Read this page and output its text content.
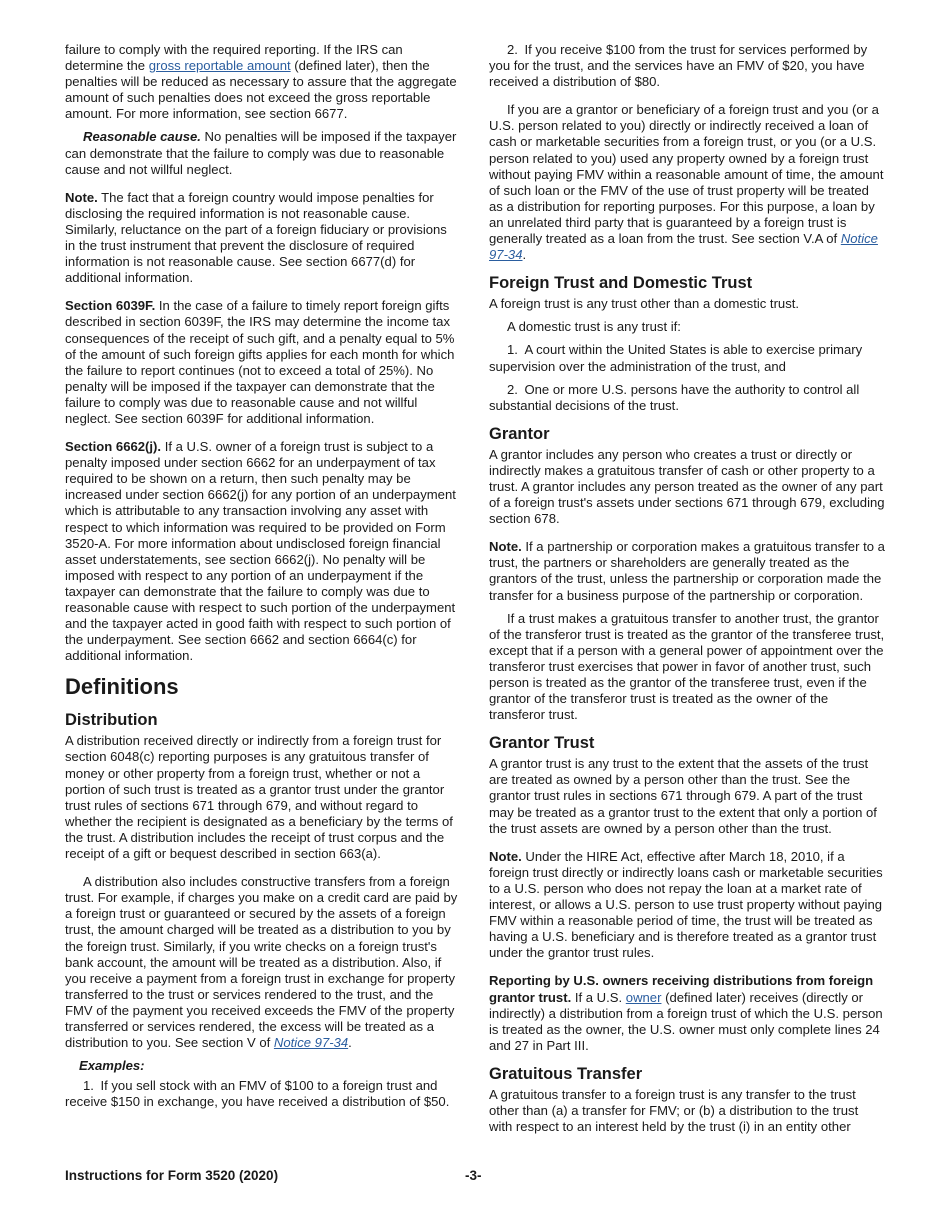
failure to comply with the required reporting. If the IRS can determine the gross reportable amount (defined later), then the penalties will be reduced as necessary to assure that the aggregate amount of such penalties does not exceed the gross reportable amount. For more information, see section 6677.

Reasonable cause. No penalties will be imposed if the taxpayer can demonstrate that the failure to comply was due to reasonable cause and not willful neglect.

Note. The fact that a foreign country would impose penalties for disclosing the required information is not reasonable cause. Similarly, reluctance on the part of a foreign fiduciary or provisions in the trust instrument that prevent the disclosure of required information is not reasonable cause. See section 6677(d) for additional information.

Section 6039F. In the case of a failure to timely report foreign gifts described in section 6039F, the IRS may determine the income tax consequences of the receipt of such gift, and a penalty equal to 5% of the amount of such foreign gifts applies for each month for which the failure to report continues (not to exceed a total of 25%). No penalty will be imposed if the taxpayer can demonstrate that the failure to comply was due to reasonable cause and not willful neglect. See section 6039F for additional information.

Section 6662(j). If a U.S. owner of a foreign trust is subject to a penalty imposed under section 6662 for an underpayment of tax required to be shown on a return, then such penalty may be increased under section 6662(j) for any portion of an underpayment which is attributable to any transaction involving any asset with respect to which information was required to be provided on Form 3520-A. For more information about undisclosed foreign financial asset understatements, see section 6662(j). No penalty will be imposed with respect to any portion of an underpayment if the taxpayer can demonstrate that the failure to comply was due to reasonable cause with respect to such portion of the underpayment and the taxpayer acted in good faith with respect to such portion of the underpayment. See section 6662 and section 6664(c) for additional information.

Definitions
Distribution

A distribution received directly or indirectly from a foreign trust for section 6048(c) reporting purposes is any gratuitous transfer of money or other property from a foreign trust, whether or not a portion of such trust is treated as a grantor trust under the grantor trust rules of sections 671 through 679, and without regard to whether the recipient is designated as a beneficiary by the terms of the trust. A distribution includes the receipt of trust corpus and the receipt of a gift or bequest described in section 663(a).

A distribution also includes constructive transfers from a foreign trust. For example, if charges you make on a credit card are paid by a foreign trust or guaranteed or secured by the assets of a foreign trust, the amount charged will be treated as a distribution to you by the foreign trust. Similarly, if you write checks on a foreign trust's bank account, the amount will be treated as a distribution. Also, if you receive a payment from a foreign trust in exchange for property transferred to the trust or services rendered to the trust, and the FMV of the payment you received exceeds the FMV of the property transferred or services rendered, the excess will be treated as a distribution to you. See section V of Notice 97-34.

Examples:

1. If you sell stock with an FMV of $100 to a foreign trust and receive $150 in exchange, you have received a distribution of $50.

2. If you receive $100 from the trust for services performed by you for the trust, and the services have an FMV of $20, you have received a distribution of $80.

If you are a grantor or beneficiary of a foreign trust and you (or a U.S. person related to you) directly or indirectly received a loan of cash or marketable securities from a foreign trust, or you (or a U.S. person related to you) used any property owned by a foreign trust without paying FMV within a reasonable amount of time, the amount of such loan or the FMV of the use of trust property will be treated as a distribution for reporting purposes. For this purpose, a loan by an unrelated third party that is guaranteed by a foreign trust is generally treated as a loan from the trust. See section V.A of Notice 97-34.

Foreign Trust and Domestic Trust

A foreign trust is any trust other than a domestic trust.

A domestic trust is any trust if:

1. A court within the United States is able to exercise primary supervision over the administration of the trust, and

2. One or more U.S. persons have the authority to control all substantial decisions of the trust.

Grantor

A grantor includes any person who creates a trust or directly or indirectly makes a gratuitous transfer of cash or other property to a trust. A grantor includes any person treated as the owner of any part of a foreign trust's assets under sections 671 through 679, excluding section 678.

Note. If a partnership or corporation makes a gratuitous transfer to a trust, the partners or shareholders are generally treated as the grantors of the trust, unless the partnership or corporation made the transfer for a business purpose of the partnership or corporation.

If a trust makes a gratuitous transfer to another trust, the grantor of the transferor trust is treated as the grantor of the transferee trust, except that if a person with a general power of appointment over the transferor trust exercises that power in favor of another trust, such person is treated as the grantor of the transferee trust, even if the grantor of the transferor trust is treated as the owner of the transferor trust.

Grantor Trust

A grantor trust is any trust to the extent that the assets of the trust are treated as owned by a person other than the trust. See the grantor trust rules in sections 671 through 679. A part of the trust may be treated as a grantor trust to the extent that only a portion of the trust assets are owned by a person other than the trust.

Note. Under the HIRE Act, effective after March 18, 2010, if a foreign trust directly or indirectly loans cash or marketable securities to a U.S. person who does not repay the loan at a market rate of interest, or allows a U.S. person to use trust property without paying FMV within a reasonable period of time, the trust will be treated as having a U.S. beneficiary and is therefore treated as a grantor trust under the grantor trust rules.

Reporting by U.S. owners receiving distributions from foreign grantor trust. If a U.S. owner (defined later) receives (directly or indirectly) a distribution from a foreign trust of which the U.S. person is treated as the owner, the U.S. owner must only complete lines 24 and 27 in Part III.

Gratuitous Transfer

A gratuitous transfer to a foreign trust is any transfer to the trust other than (a) a transfer for FMV; or (b) a distribution to the trust with respect to an interest held by the trust (i) in an entity other

Instructions for Form 3520 (2020)	-3-
